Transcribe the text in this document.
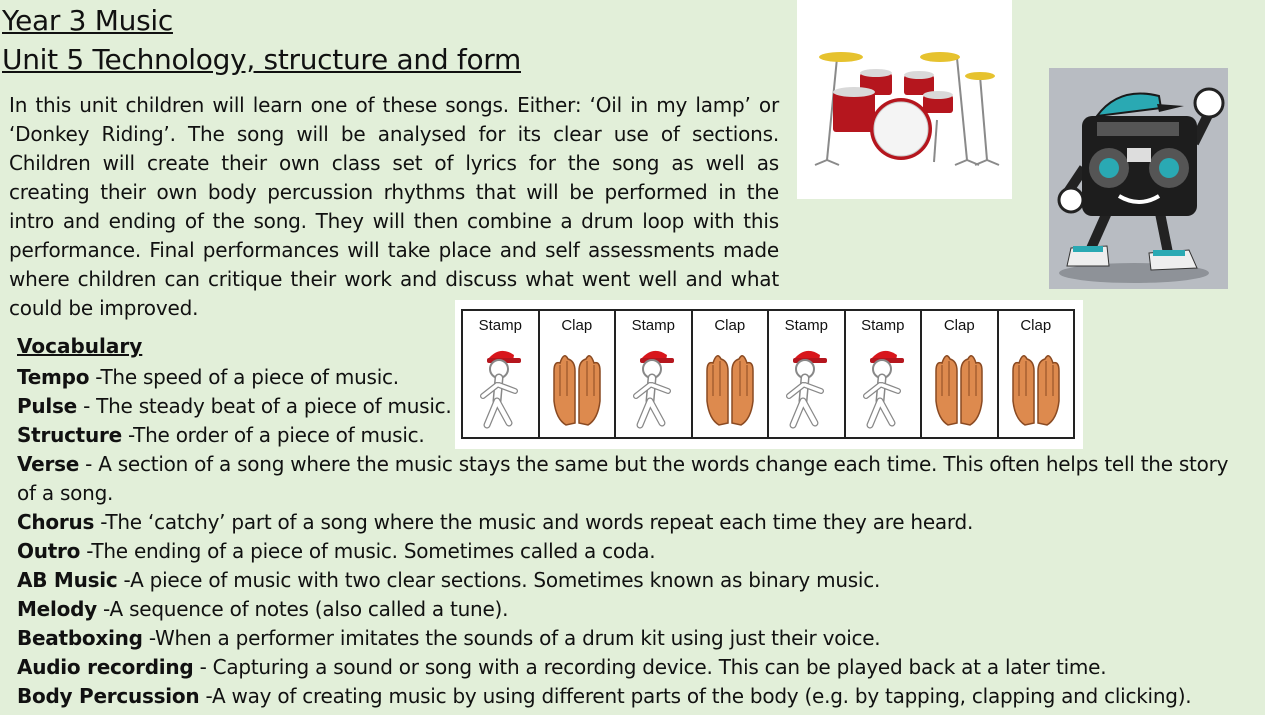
Year 3 Music
Unit 5 Technology, structure and form

In this unit children will learn one of these songs. Either: ‘Oil in my lamp’ or ‘Donkey Riding’. The song will be analysed for its clear use of sections. Children will create their own class set of lyrics for the song as well as creating their own body percussion rhythms that will be performed in the intro and ending of the song. They will then combine a drum loop with this performance. Final performances will take place and self assessments made where children can critique their work and discuss what went well and what could be improved.

Stamp	Clap	Stamp	Clap	Stamp	Stamp	Clap	Clap
Vocabulary
Tempo -The speed of a piece of music.
Pulse - The steady beat of a piece of music.
Structure -The order of a piece of music.
Verse - A section of a song where the music stays the same but the words change each time. This often helps tell the story of a song.
Chorus -The ‘catchy’ part of a song where the music and words repeat each time they are heard.
Outro -The ending of a piece of music. Sometimes called a coda.
AB Music -A piece of music with two clear sections. Sometimes known as binary music.
Melody -A sequence of notes (also called a tune).
Beatboxing -When a performer imitates the sounds of a drum kit using just their voice.
Audio recording - Capturing a sound or song with a recording device. This can be played back at a later time.
Body Percussion -A way of creating music by using different parts of the body (e.g. by tapping, clapping and clicking).
